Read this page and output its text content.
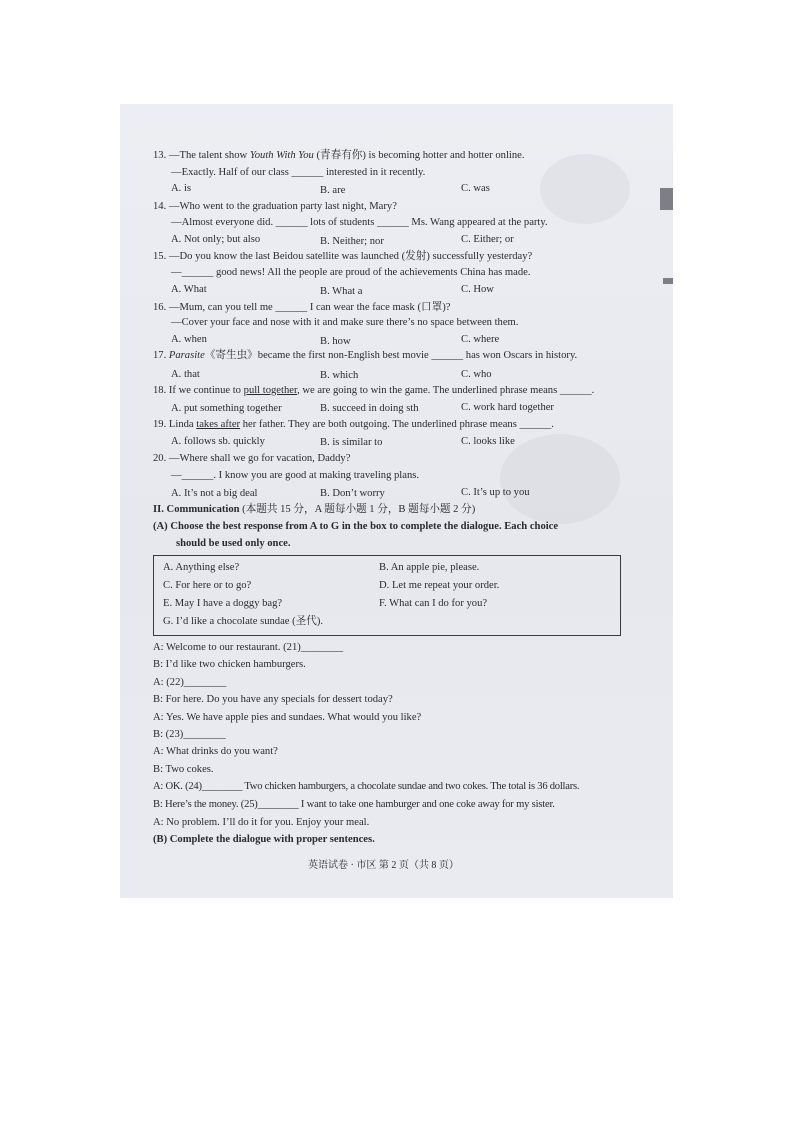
13. —The talent show Youth With You (青春有你) is becoming hotter and hotter online.
—Exactly. Half of our class ______ interested in it recently.
A. is	B. are	C. was
14. —Who went to the graduation party last night, Mary?
—Almost everyone did. ______ lots of students ______ Ms. Wang appeared at the party.
A. Not only; but also	B. Neither; nor	C. Either; or
15. —Do you know the last Beidou satellite was launched (发射) successfully yesterday?
—______ good news! All the people are proud of the achievements China has made.
A. What	B. What a	C. How
16. —Mum, can you tell me ______ I can wear the face mask (口罩)?
—Cover your face and nose with it and make sure there’s no space between them.
A. when	B. how	C. where
17. Parasite《寄生虫》became the first non-English best movie ______ has won Oscars in history.
A. that	B. which	C. who
18. If we continue to pull together, we are going to win the game. The underlined phrase means ______.
A. put something together	B. succeed in doing sth	C. work hard together
19. Linda takes after her father. They are both outgoing. The underlined phrase means ______.
A. follows sb. quickly	B. is similar to	C. looks like
20. —Where shall we go for vacation, Daddy?
—______. I know you are good at making traveling plans.
A. It’s not a big deal	B. Don’t worry	C. It’s up to you
II. Communication (本题共 15 分，A 题每小题 1 分，B 题每小题 2 分)
(A) Choose the best response from A to G in the box to complete the dialogue. Each choice
should be used only once.
A. Anything else?	B. An apple pie, please.
C. For here or to go?	D. Let me repeat your order.
E. May I have a doggy bag?	F. What can I do for you?
G. I’d like a chocolate sundae (圣代).
A: Welcome to our restaurant. (21)________
B: I’d like two chicken hamburgers.
A: (22)________
B: For here. Do you have any specials for dessert today?
A: Yes. We have apple pies and sundaes. What would you like?
B: (23)________
A: What drinks do you want?
B: Two cokes.
A: OK. (24)________ Two chicken hamburgers, a chocolate sundae and two cokes. The total is 36 dollars.
B: Here’s the money. (25)________ I want to take one hamburger and one coke away for my sister.
A: No problem. I’ll do it for you. Enjoy your meal.
(B) Complete the dialogue with proper sentences.
英语试卷 · 市区 第 2 页（共 8 页）
